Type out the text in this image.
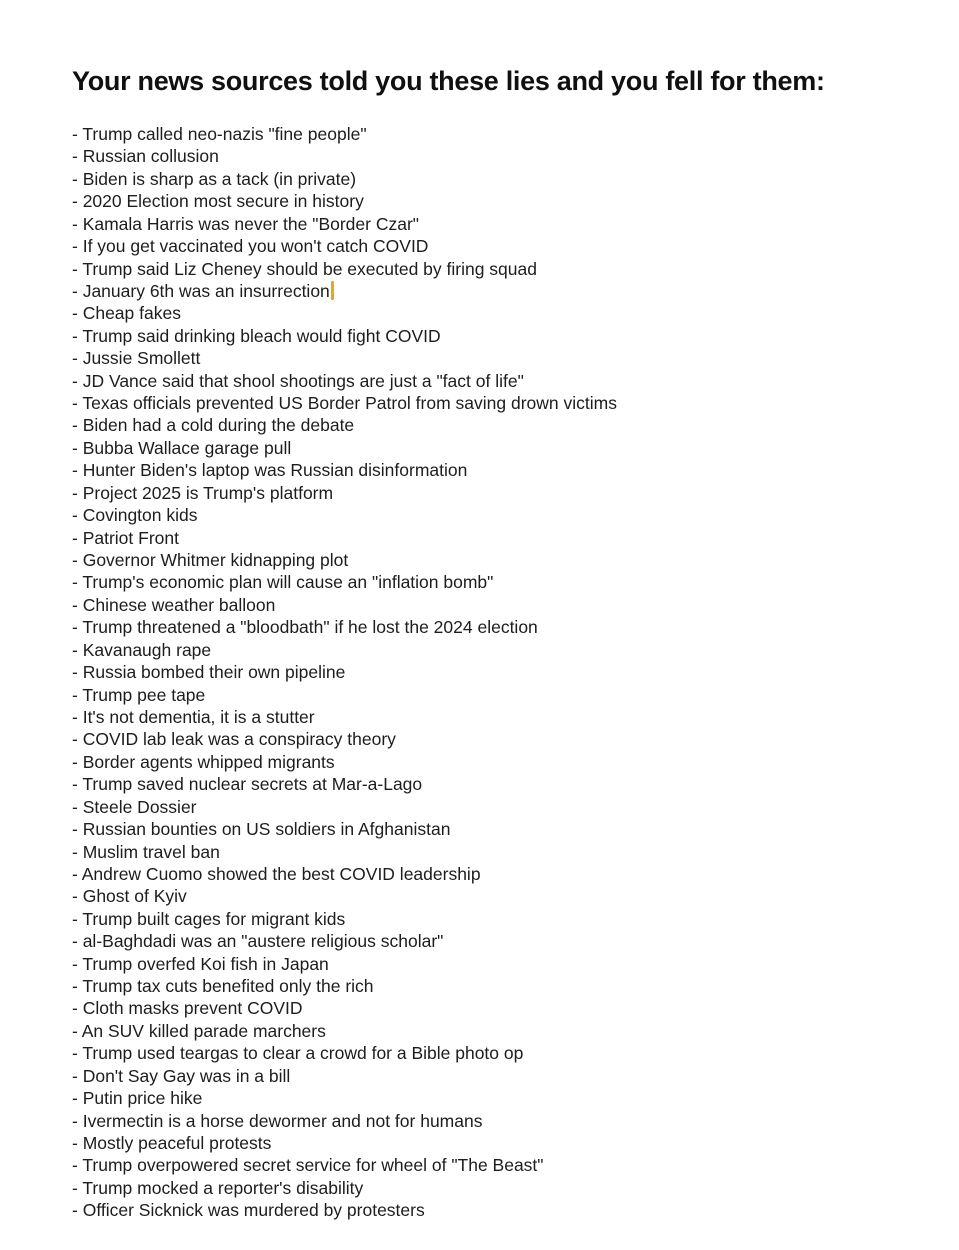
Your news sources told you these lies and you fell for them:
- Trump called neo-nazis "fine people"
- Russian collusion
- Biden is sharp as a tack (in private)
- 2020 Election most secure in history
- Kamala Harris was never the "Border Czar"
- If you get vaccinated you won't catch COVID
- Trump said Liz Cheney should be executed by firing squad
- January 6th was an insurrection
- Cheap fakes
- Trump said drinking bleach would fight COVID
- Jussie Smollett
- JD Vance said that shool shootings are just a "fact of life"
- Texas officials prevented US Border Patrol from saving drown victims
- Biden had a cold during the debate
- Bubba Wallace garage pull
- Hunter Biden's laptop was Russian disinformation
- Project 2025 is Trump's platform
- Covington kids
- Patriot Front
- Governor Whitmer kidnapping plot
- Trump's economic plan will cause an "inflation bomb"
- Chinese weather balloon
- Trump threatened a "bloodbath" if he lost the 2024 election
- Kavanaugh rape
- Russia bombed their own pipeline
- Trump pee tape
- It's not dementia, it is a stutter
- COVID lab leak was a conspiracy theory
- Border agents whipped migrants
- Trump saved nuclear secrets at Mar-a-Lago
- Steele Dossier
- Russian bounties on US soldiers in Afghanistan
- Muslim travel ban
- Andrew Cuomo showed the best COVID leadership
- Ghost of Kyiv
- Trump built cages for migrant kids
- al-Baghdadi was an "austere religious scholar"
- Trump overfed Koi fish in Japan
- Trump tax cuts benefited only the rich
- Cloth masks prevent COVID
- An SUV killed parade marchers
- Trump used teargas to clear a crowd for a Bible photo op
- Don't Say Gay was in a bill
- Putin price hike
- Ivermectin is a horse dewormer and not for humans
- Mostly peaceful protests
- Trump overpowered secret service for wheel of "The Beast"
- Trump mocked a reporter's disability
- Officer Sicknick was murdered by protesters
